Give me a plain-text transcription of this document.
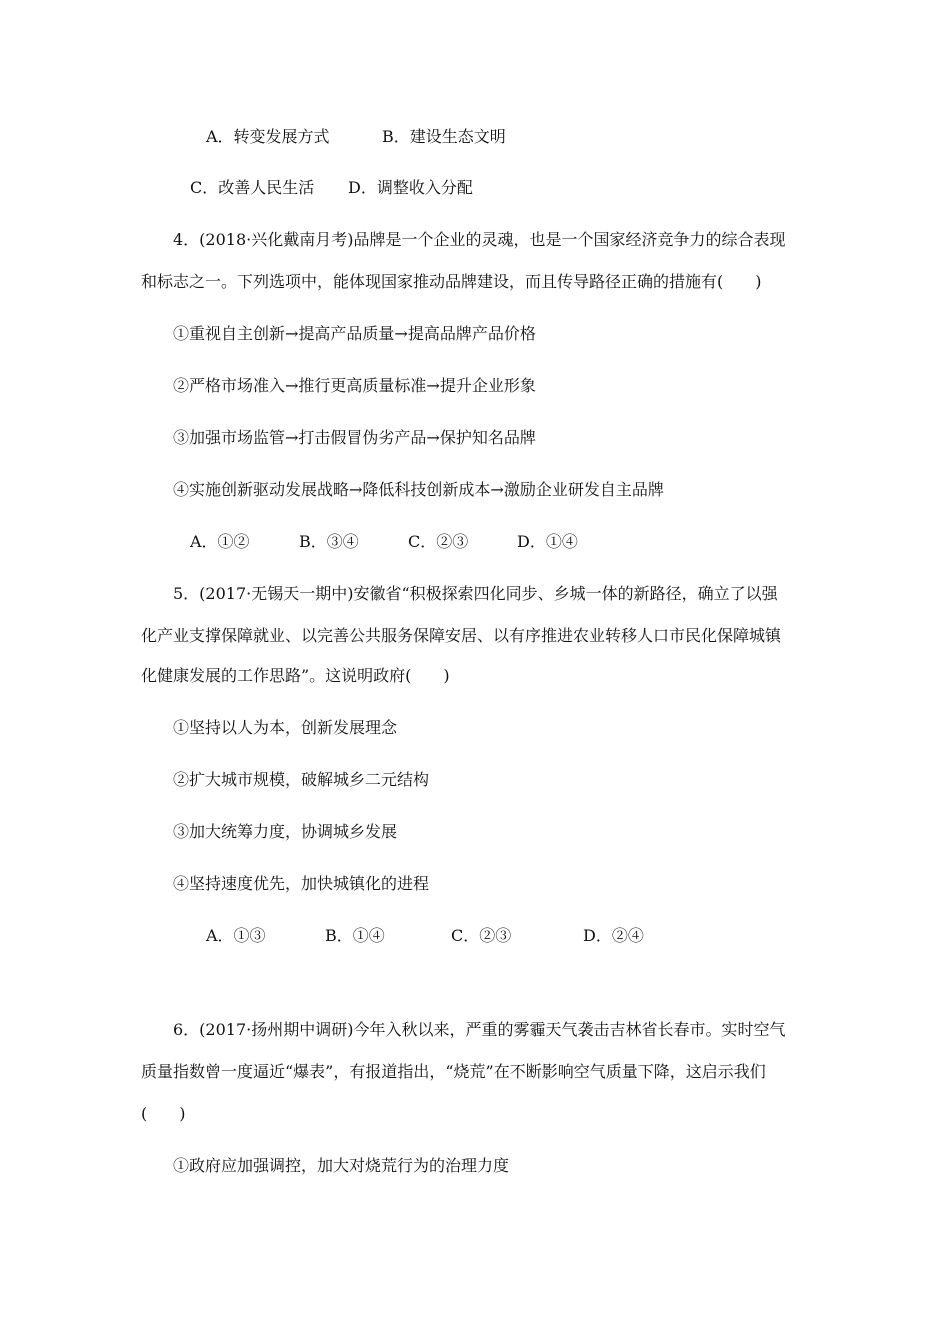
A．转变发展方式	B．建设生态文明
C．改善人民生活 D．调整收入分配
4．(2018·兴化戴南月考)品牌是一个企业的灵魂，也是一个国家经济竞争力的综合表现
和标志之一。下列选项中，能体现国家推动品牌建设，而且传导路径正确的措施有(　　)
①重视自主创新→提高产品质量→提高品牌产品价格
②严格市场准入→推行更高质量标准→提升企业形象
③加强市场监管→打击假冒伪劣产品→保护知名品牌
④实施创新驱动发展战略→降低科技创新成本→激励企业研发自主品牌
A．①②	B．③④	C．②③	D．①④
5．(2017·无锡天一期中)安徽省“积极探索四化同步、乡城一体的新路径，确立了以强
化产业支撑保障就业、以完善公共服务保障安居、以有序推进农业转移人口市民化保障城镇
化健康发展的工作思路”。这说明政府(　　)
①坚持以人为本，创新发展理念
②扩大城市规模，破解城乡二元结构
③加大统筹力度，协调城乡发展
④坚持速度优先，加快城镇化的进程
A．①③	B．①④	C．②③	D．②④
6．(2017·扬州期中调研)今年入秋以来，严重的雾霾天气袭击吉林省长春市。实时空气
质量指数曾一度逼近“爆表”，有报道指出，“烧荒”在不断影响空气质量下降，这启示我们
(　　)
①政府应加强调控，加大对烧荒行为的治理力度
